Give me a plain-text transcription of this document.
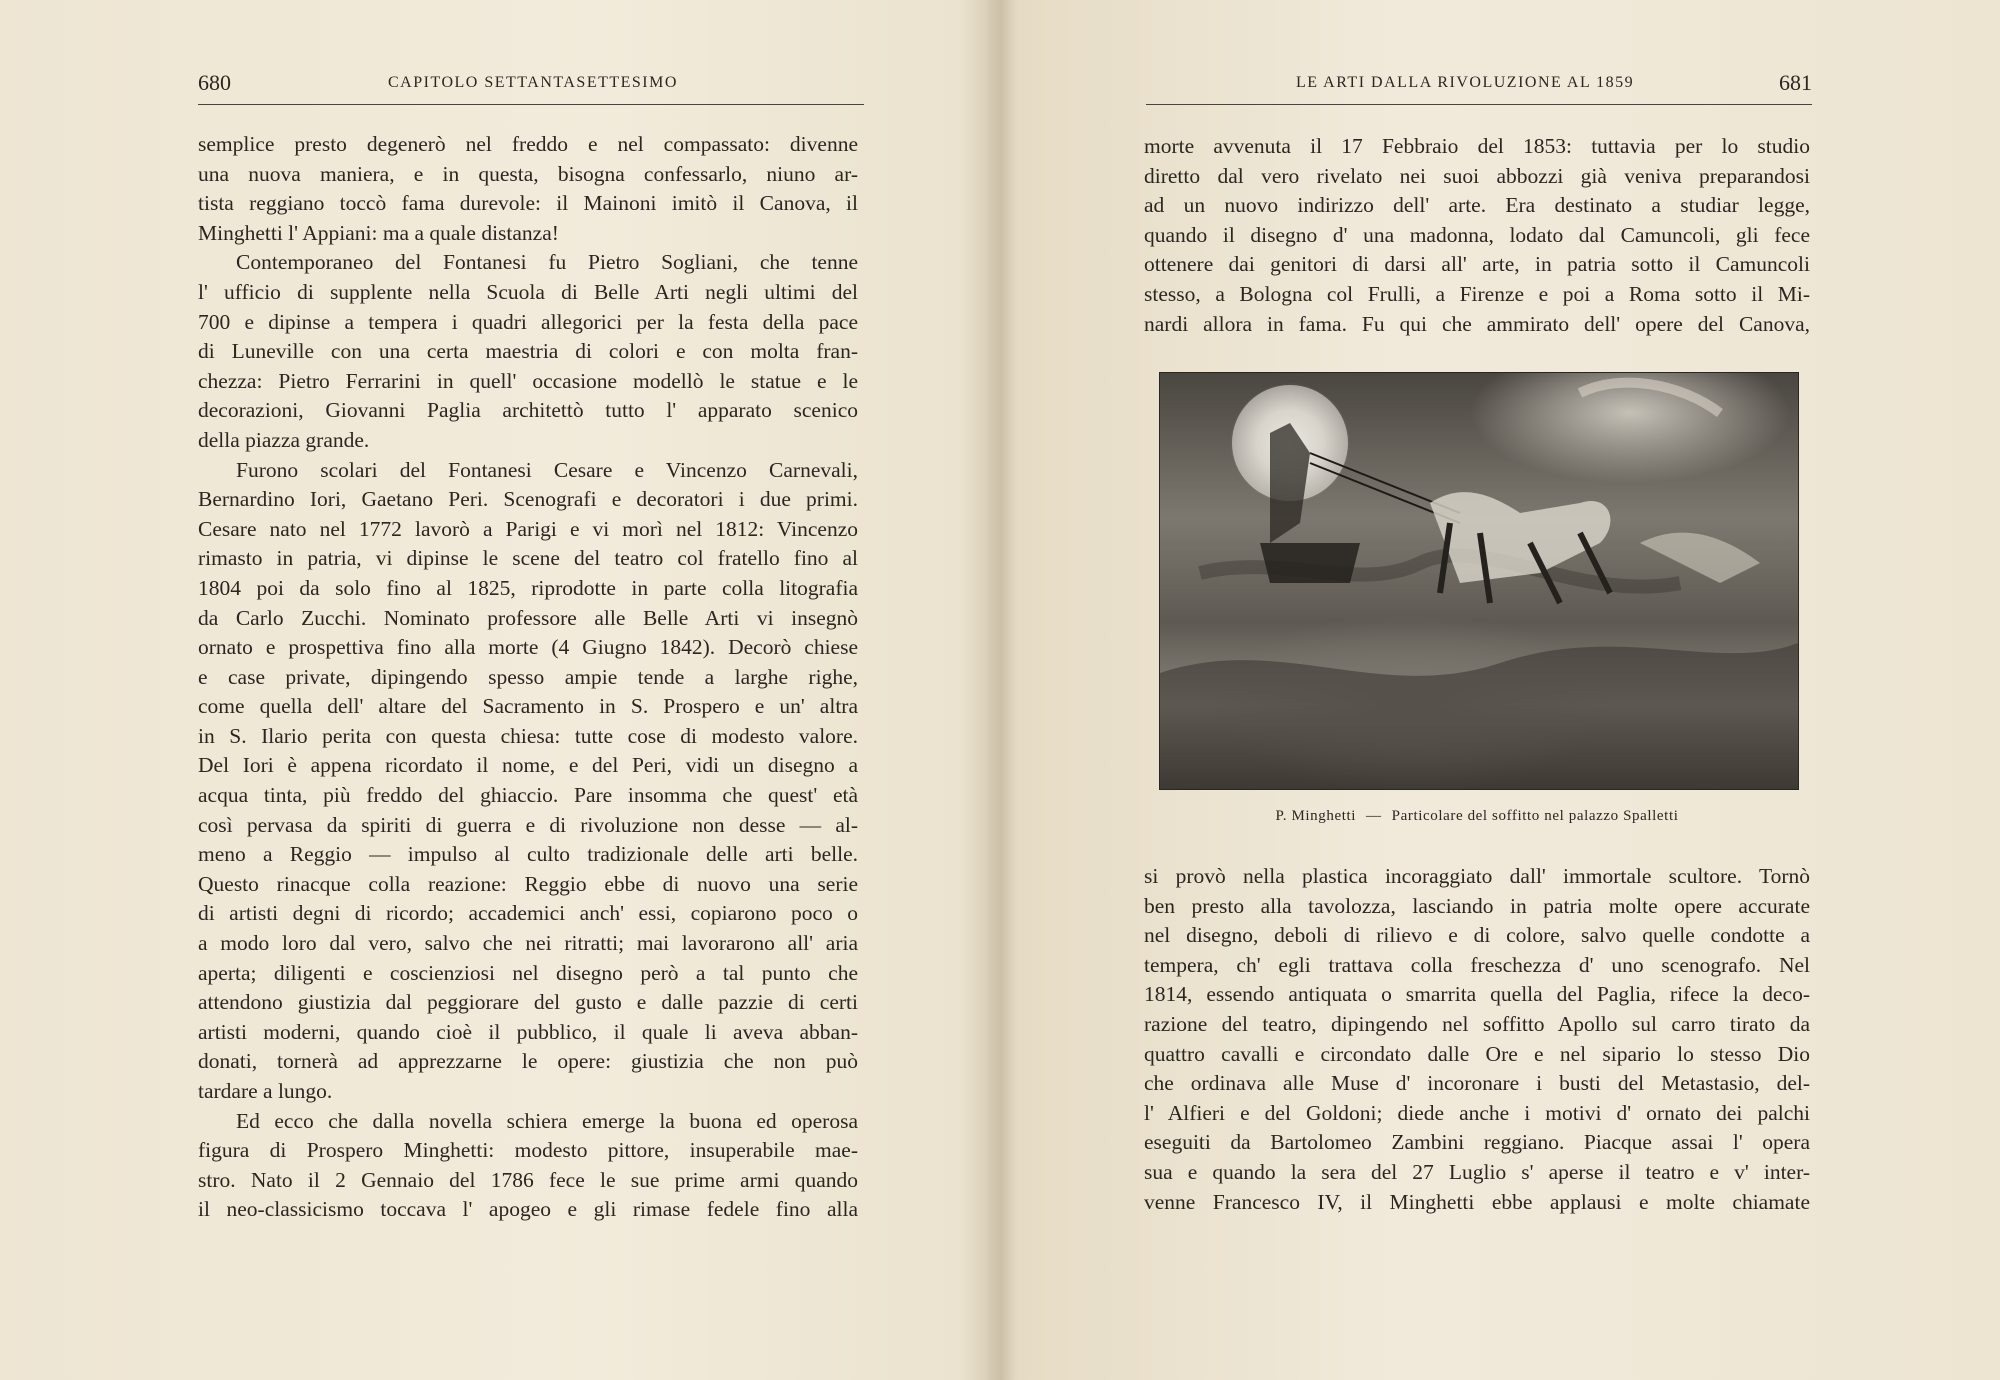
680	CAPITOLO SETTANTASETTESIMO
semplice presto degenerò nel freddo e nel compassato: divenne
una nuova maniera, e in questa, bisogna confessarlo, niuno ar-
tista reggiano toccò fama durevole: il Mainoni imitò il Canova, il
Minghetti l' Appiani: ma a quale distanza!
Contemporaneo del Fontanesi fu Pietro Sogliani, che tenne
l' ufficio di supplente nella Scuola di Belle Arti negli ultimi del
700 e dipinse a tempera i quadri allegorici per la festa della pace
di Luneville con una certa maestria di colori e con molta fran-
chezza: Pietro Ferrarini in quell' occasione modellò le statue e le
decorazioni, Giovanni Paglia architettò tutto l' apparato scenico
della piazza grande.
Furono scolari del Fontanesi Cesare e Vincenzo Carnevali,
Bernardino Iori, Gaetano Peri. Scenografi e decoratori i due primi.
Cesare nato nel 1772 lavorò a Parigi e vi morì nel 1812: Vincenzo
rimasto in patria, vi dipinse le scene del teatro col fratello fino al
1804 poi da solo fino al 1825, riprodotte in parte colla litografia
da Carlo Zucchi. Nominato professore alle Belle Arti vi insegnò
ornato e prospettiva fino alla morte (4 Giugno 1842). Decorò chiese
e case private, dipingendo spesso ampie tende a larghe righe,
come quella dell' altare del Sacramento in S. Prospero e un' altra
in S. Ilario perita con questa chiesa: tutte cose di modesto valore.
Del Iori è appena ricordato il nome, e del Peri, vidi un disegno a
acqua tinta, più freddo del ghiaccio. Pare insomma che quest' età
così pervasa da spiriti di guerra e di rivoluzione non desse — al-
meno a Reggio — impulso al culto tradizionale delle arti belle.
Questo rinacque colla reazione: Reggio ebbe di nuovo una serie
di artisti degni di ricordo; accademici anch' essi, copiarono poco o
a modo loro dal vero, salvo che nei ritratti; mai lavorarono all' aria
aperta; diligenti e coscienziosi nel disegno però a tal punto che
attendono giustizia dal peggiorare del gusto e dalle pazzie di certi
artisti moderni, quando cioè il pubblico, il quale li aveva abban-
donati, tornerà ad apprezzarne le opere: giustizia che non può
tardare a lungo.
Ed ecco che dalla novella schiera emerge la buona ed operosa
figura di Prospero Minghetti: modesto pittore, insuperabile mae-
stro. Nato il 2 Gennaio del 1786 fece le sue prime armi quando
il neo-classicismo toccava l' apogeo e gli rimase fedele fino alla
LE ARTI DALLA RIVOLUZIONE AL 1859	681
morte avvenuta il 17 Febbraio del 1853: tuttavia per lo studio
diretto dal vero rivelato nei suoi abbozzi già veniva preparandosi
ad un nuovo indirizzo dell' arte. Era destinato a studiar legge,
quando il disegno d' una madonna, lodato dal Camuncoli, gli fece
ottenere dai genitori di darsi all' arte, in patria sotto il Camuncoli
stesso, a Bologna col Frulli, a Firenze e poi a Roma sotto il Mi-
nardi allora in fama. Fu qui che ammirato dell' opere del Canova,
P. Minghetti — Particolare del soffitto nel palazzo Spalletti
si provò nella plastica incoraggiato dall' immortale scultore. Tornò
ben presto alla tavolozza, lasciando in patria molte opere accurate
nel disegno, deboli di rilievo e di colore, salvo quelle condotte a
tempera, ch' egli trattava colla freschezza d' uno scenografo. Nel
1814, essendo antiquata o smarrita quella del Paglia, rifece la deco-
razione del teatro, dipingendo nel soffitto Apollo sul carro tirato da
quattro cavalli e circondato dalle Ore e nel sipario lo stesso Dio
che ordinava alle Muse d' incoronare i busti del Metastasio, del-
l' Alfieri e del Goldoni; diede anche i motivi d' ornato dei palchi
eseguiti da Bartolomeo Zambini reggiano. Piacque assai l' opera
sua e quando la sera del 27 Luglio s' aperse il teatro e v' inter-
venne Francesco IV, il Minghetti ebbe applausi e molte chiamate
